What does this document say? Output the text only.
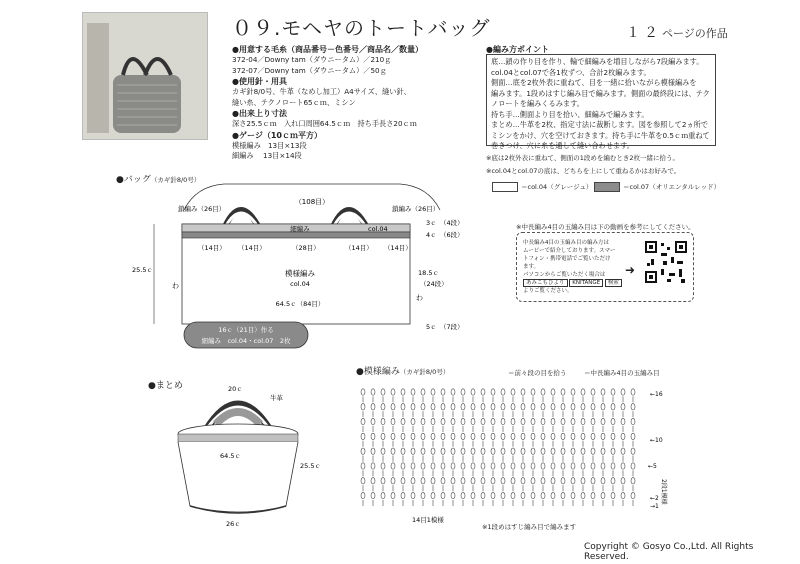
０９.モヘヤのトートバッグ	１２ページの作品
●用意する毛糸（商品番号－色番号／商品名／数量）
372-04／Downy tam（ダウニータム）／210ｇ
372-07／Downy tam（ダウニータム）／50ｇ
●使用針・用具
カギ針8/0号、牛革（なめし加工）A4サイズ、縫い針、
縫い糸、テクノロート65ｃｍ、ミシン
●出来上り寸法
深さ25.5ｃｍ　入れ口周囲64.5ｃｍ　持ち手長さ20ｃｍ
●ゲージ（10ｃｍ平方）
模様編み　13目×13段
細編み　 13目×14段
●編み方ポイント
底…鎖の作り目を作り、輪で細編みを増目しながら7段編みます。
col.04とcol.07で各1枚ずつ、合計2枚編みます。
側面…底を2枚外表に重ねて、目を一緒に拾いながら模様編みを
編みます。1段めはすじ編み目で編みます。側面の最終段には、テク
ノロートを編みくるみます。
持ち手…側面より目を拾い、細編みで編みます。
まとめ…牛革を2枚、指定寸法に裁断します。図を参照して2ヵ所で
ミシンをかけ、穴を空けておきます。持ち手に牛革を0.5ｃｍ重ねて
巻きつけ、穴に糸を通して縫い合わせます。
※底は2枚外表に重ねて、側面の1段めを編むとき2枚一緒に拾う。
※col.04とcol.07の底は、どちらを上にして重ねるかはお好みで。
＝col.04（グレージュ）	＝col.07（オリエンタルレッド）
●バッグ（カギ針8/0号）
（108目）
鎖編み（26目）	鎖編み（26目）
細編み	col.04
（14目） （14目）	（28目）	（14目） （14目）
模様編み
col.04
64.5ｃ（84目）
25.5ｃ	18.5ｃ
（24段）
3ｃ （4段）
4ｃ （6段）
5ｃ （7段）
わ
わ
16ｃ（21目）作る
細編み　col.04・col.07　2枚
※中長編み4目の玉編み目は下の動画を参考にしてください。
中長編み4目の玉編み目の編み方は
ムービーで紹介しております。スマー
トフォン・携帯電話でご覧いただけ
ます。
パソコンからご覧いただく場合は
あみこもひより KNITANGE 検索
よりご覧ください。
➜
●まとめ	20ｃ
牛革
64.5ｃ
25.5ｃ
26ｃ
●模様編み（カギ針8/0号）	＝前々段の目を拾う	＝中長編み4目の玉編み目
←16
←10
←5
←2
→1
2段1模様
14目1模様
※1段めはすじ編み目で編みます
Copyright © Gosyo Co.,Ltd. All Rights Reserved.
